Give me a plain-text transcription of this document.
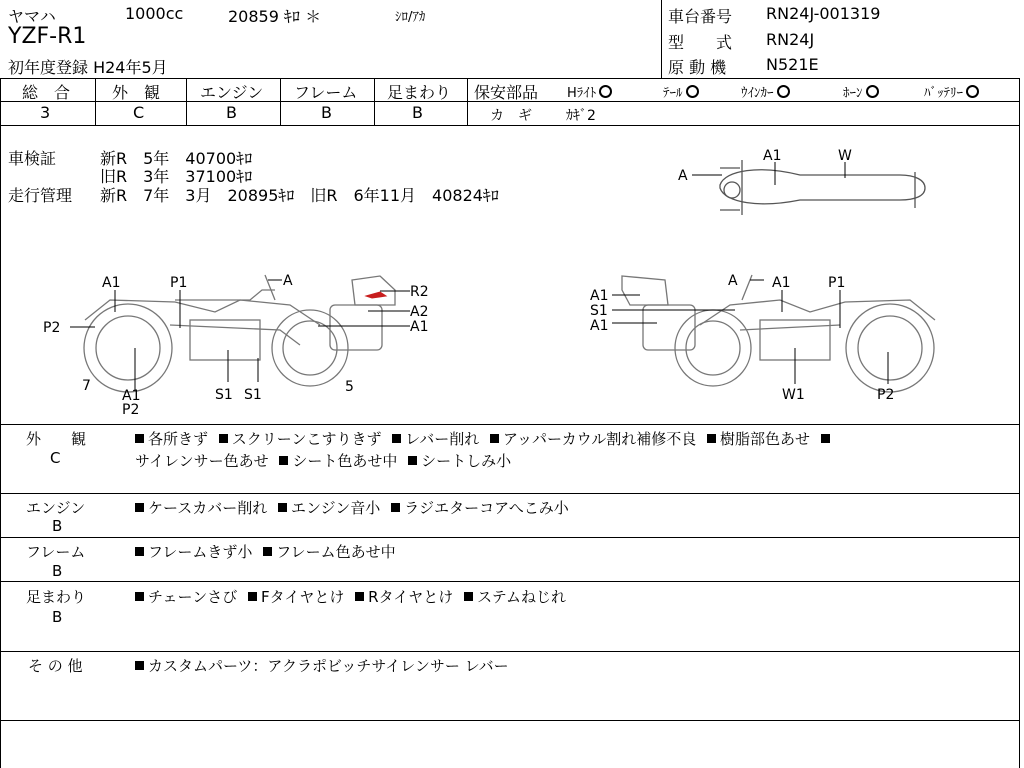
ヤマハ	1000cc	20859 ｷﾛ ＊	ｼﾛ/ｱｶ
YZF-R1
初年度登録 H24年5月
車台番号 RN24J-001319
型　　式 RN24J
原 動 機 N521E
総　合
3
外　観
C
エンジン
B
フレーム
B
足まわり
B
保安部品 Hﾗｲﾄ	ﾃｰﾙ	ｳｲﾝｶｰ	ﾎｰﾝ	ﾊﾞｯﾃﾘｰ
カ　ギ ｶｷﾞ2
車検証	新R　5年　40700ｷﾛ
旧R　3年　37100ｷﾛ
走行管理 新R　7年　3月　20895ｷﾛ　旧R　6年11月　40824ｷﾛ
A
A1	W
A1	P1	A
R2
A2
A1
P2
7
A1
P2
S1 S1	5
A A1	P1
A1
S1
A1
W1	P2
外　　観
C
各所きず スクリーンこすりきず レバー削れ アッパーカウル割れ補修不良 樹脂部色あせ
サイレンサー色あせ シート色あせ中 シートしみ小
エンジン
B
ケースカバー削れ エンジン音小 ラジエターコアへこみ小
フレーム
B
フレームきず小 フレーム色あせ中
足まわり
B
チェーンさび Fタイヤとけ Rタイヤとけ ステムねじれ
そ の 他	カスタムパーツ：アクラポビッチサイレンサー レバー
